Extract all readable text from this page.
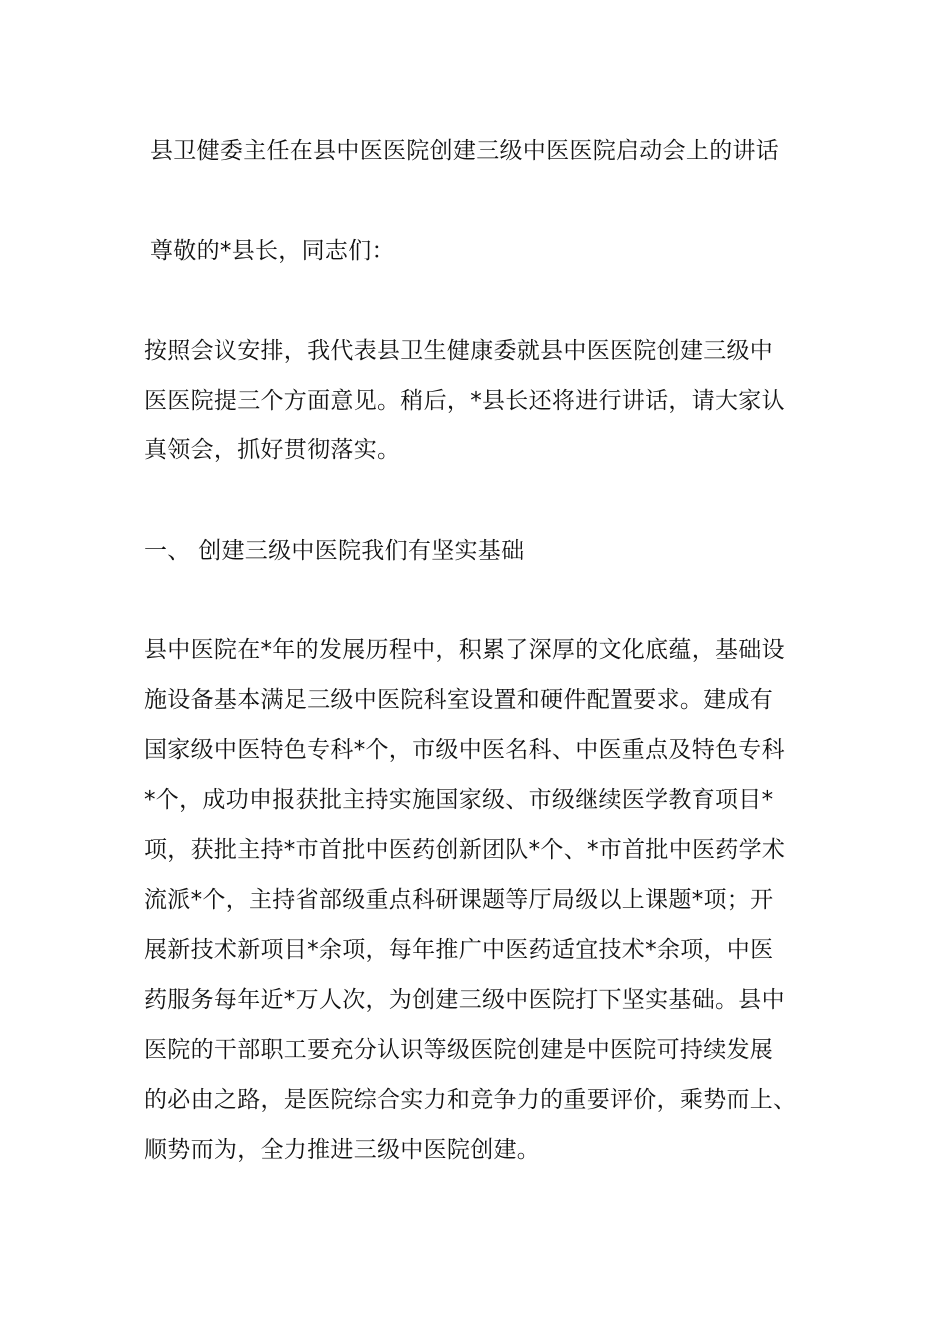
县卫健委主任在县中医医院创建三级中医医院启动会上的讲话
尊敬的*县长，同志们：
按照会议安排，我代表县卫生健康委就县中医医院创建三级中
医医院提三个方面意见。稍后，*县长还将进行讲话，请大家认
真领会，抓好贯彻落实。
一、 创建三级中医院我们有坚实基础
县中医院在*年的发展历程中，积累了深厚的文化底蕴，基础设
施设备基本满足三级中医院科室设置和硬件配置要求。建成有
国家级中医特色专科*个，市级中医名科、中医重点及特色专科
*个，成功申报获批主持实施国家级、市级继续医学教育项目*
项，获批主持*市首批中医药创新团队*个、*市首批中医药学术
流派*个，主持省部级重点科研课题等厅局级以上课题*项；开
展新技术新项目*余项，每年推广中医药适宜技术*余项，中医
药服务每年近*万人次，为创建三级中医院打下坚实基础。县中
医院的干部职工要充分认识等级医院创建是中医院可持续发展
的必由之路，是医院综合实力和竞争力的重要评价，乘势而上、
顺势而为，全力推进三级中医院创建。
